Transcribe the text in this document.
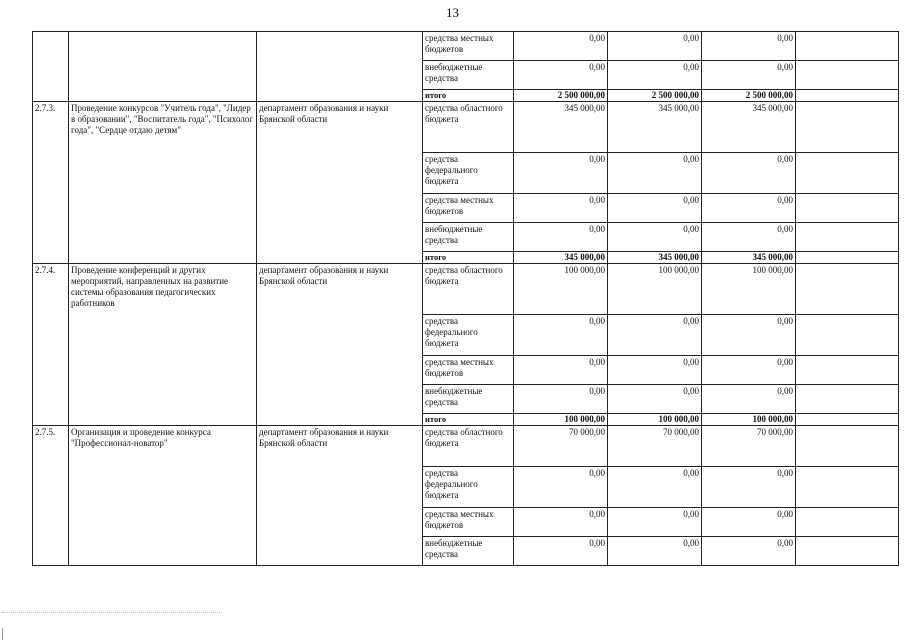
13
			средства местных бюджетов	0,00	0,00	0,00	
			внебюджетные средства	0,00	0,00	0,00	
			итого	2 500 000,00	2 500 000,00	2 500 000,00	
2.7.3.	Проведение конкурсов "Учитель года", "Лидер в образовании", "Воспитатель года", "Психолог года", "Сердце отдаю детям"	департамент образования и науки Брянской области	средства областного бюджета	345 000,00	345 000,00	345 000,00	
			средства федерального бюджета	0,00	0,00	0,00	
			средства местных бюджетов	0,00	0,00	0,00	
			внебюджетные средства	0,00	0,00	0,00	
			итого	345 000,00	345 000,00	345 000,00	
2.7.4.	Проведение конференций и других мероприятий, направленных на развитие системы образования педагогических работников	департамент образования и науки Брянской области	средства областного бюджета	100 000,00	100 000,00	100 000,00	
			средства федерального бюджета	0,00	0,00	0,00	
			средства местных бюджетов	0,00	0,00	0,00	
			внебюджетные средства	0,00	0,00	0,00	
			итого	100 000,00	100 000,00	100 000,00	
2.7.5.	Организация и проведение конкурса "Профессионал-новатор"	департамент образования и науки Брянской области	средства областного бюджета	70 000,00	70 000,00	70 000,00	
			средства федерального бюджета	0,00	0,00	0,00	
			средства местных бюджетов	0,00	0,00	0,00	
			внебюджетные средства	0,00	0,00	0,00	
